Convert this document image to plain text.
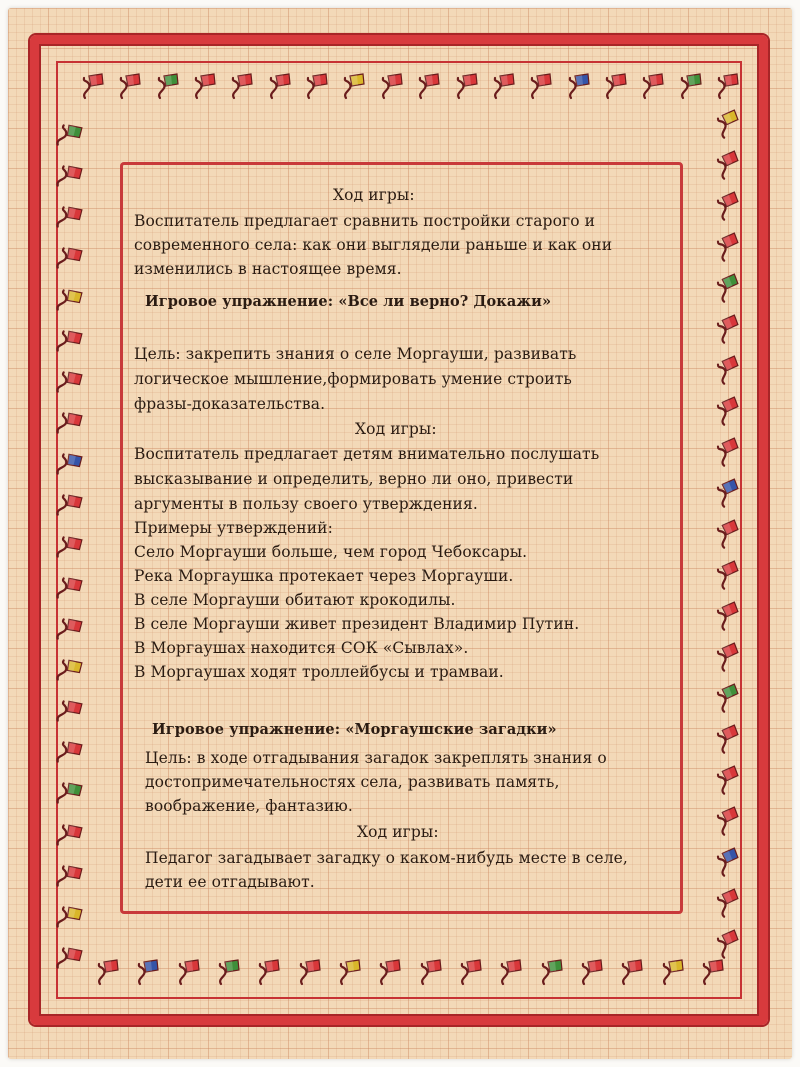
Ход игры:
Воспитатель предлагает сравнить постройки старого и
современного села: как они выглядели раньше и как они
изменились в настоящее время.
Игровое упражнение: «Все ли верно? Докажи»
Цель: закрепить знания о селе Моргауши, развивать
логическое мышление,формировать умение строить
фразы-доказательства.
Ход игры:
Воспитатель предлагает детям внимательно послушать
высказывание и определить, верно ли оно, привести
аргументы в пользу своего утверждения.
Примеры утверждений:
Село Моргауши больше, чем город Чебоксары.
Река Моргаушка протекает через Моргауши.
В селе Моргауши обитают крокодилы.
В селе Моргауши живет президент Владимир Путин.
В Моргаушах находится СОК «Сывлах».
В Моргаушах ходят троллейбусы и трамваи.
Игровое упражнение: «Моргаушские загадки»
Цель: в ходе отгадывания загадок закреплять знания о
достопримечательностях села, развивать память,
воображение, фантазию.
Ход игры:
Педагог загадывает загадку о каком-нибудь месте в селе,
дети ее отгадывают.
